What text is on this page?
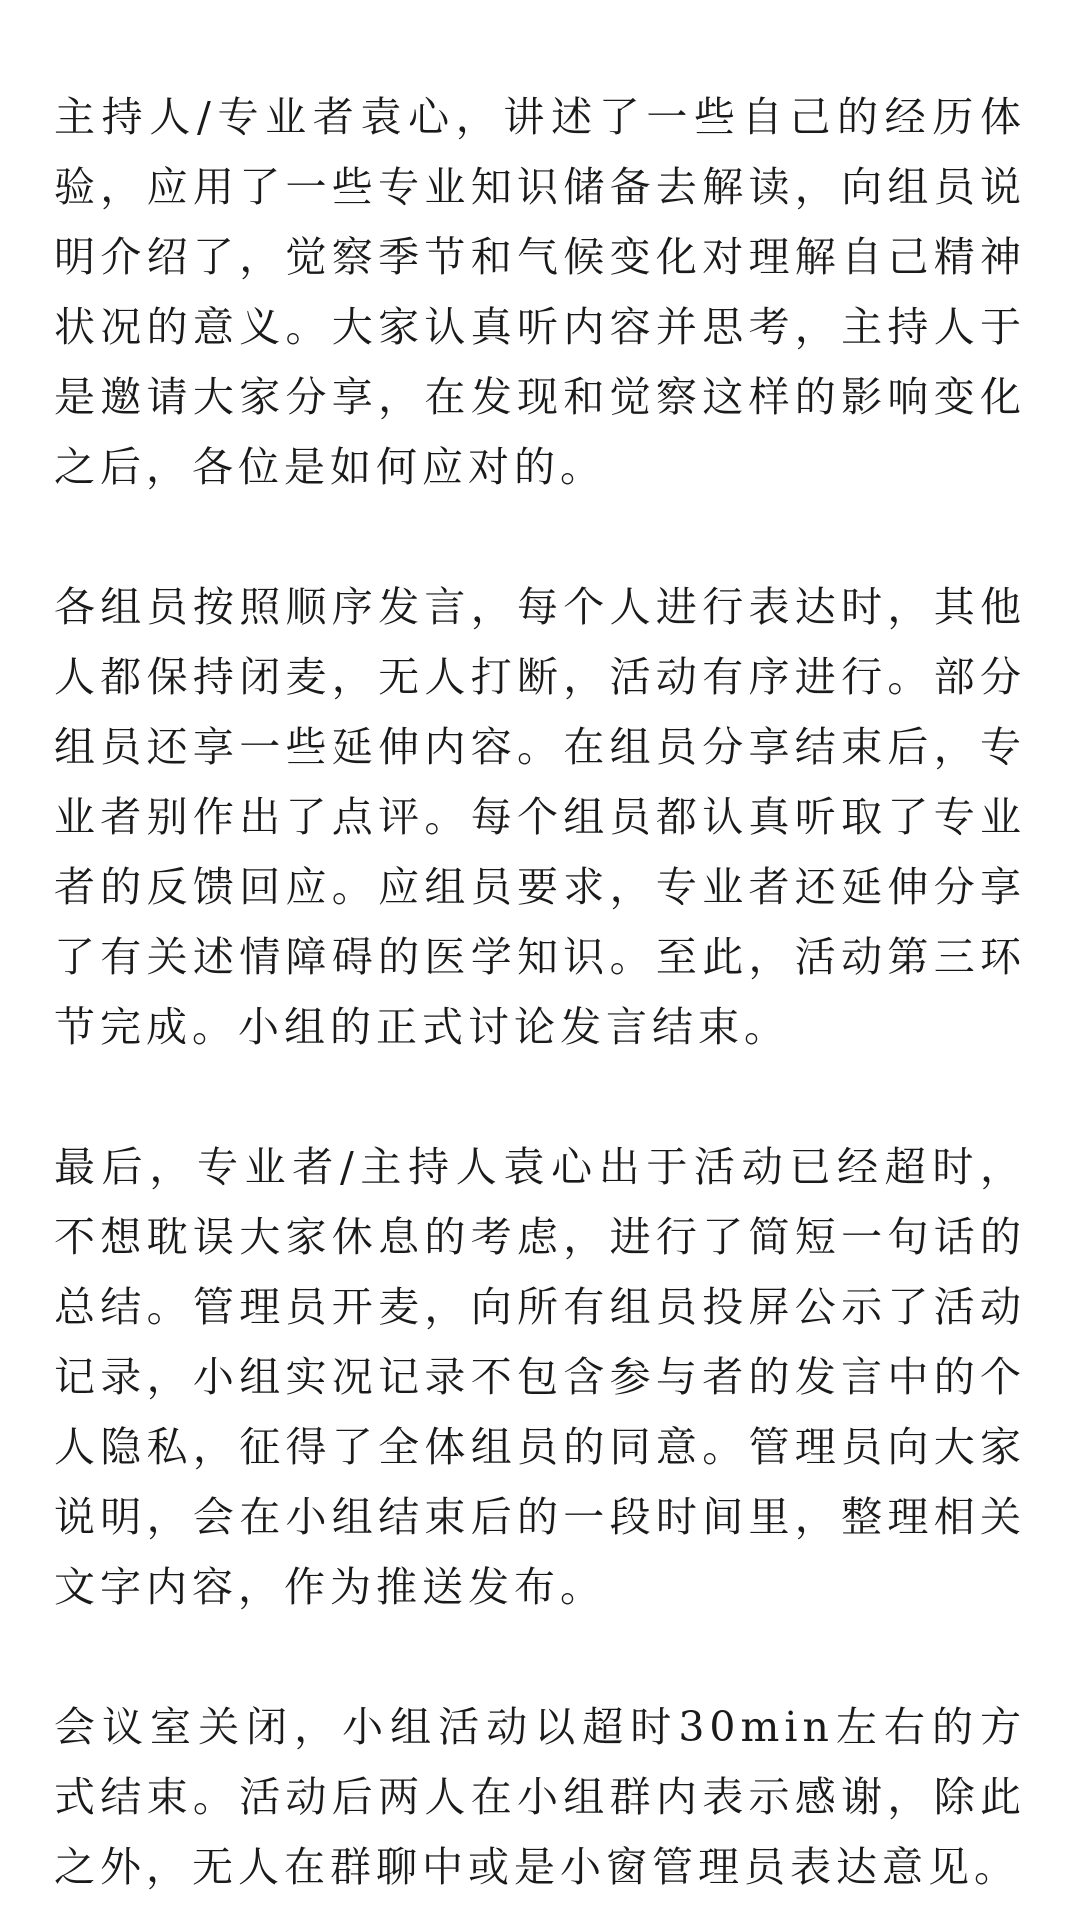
主持人/专业者袁心，讲述了一些自己的经历体验，应用了一些专业知识储备去解读，向组员说明介绍了，觉察季节和气候变化对理解自己精神状况的意义。大家认真听内容并思考，主持人于是邀请大家分享，在发现和觉察这样的影响变化之后，各位是如何应对的。

各组员按照顺序发言，每个人进行表达时，其他人都保持闭麦，无人打断，活动有序进行。部分组员还享一些延伸内容。在组员分享结束后，专业者别作出了点评。每个组员都认真听取了专业者的反馈回应。应组员要求，专业者还延伸分享了有关述情障碍的医学知识。至此，活动第三环节完成。小组的正式讨论发言结束。

最后，专业者/主持人袁心出于活动已经超时，不想耽误大家休息的考虑，进行了简短一句话的总结。管理员开麦，向所有组员投屏公示了活动记录，小组实况记录不包含参与者的发言中的个人隐私，征得了全体组员的同意。管理员向大家说明，会在小组结束后的一段时间里，整理相关文字内容，作为推送发布。

会议室关闭，小组活动以超时30min左右的方式结束。活动后两人在小组群内表示感谢，除此之外，无人在群聊中或是小窗管理员表达意见。
